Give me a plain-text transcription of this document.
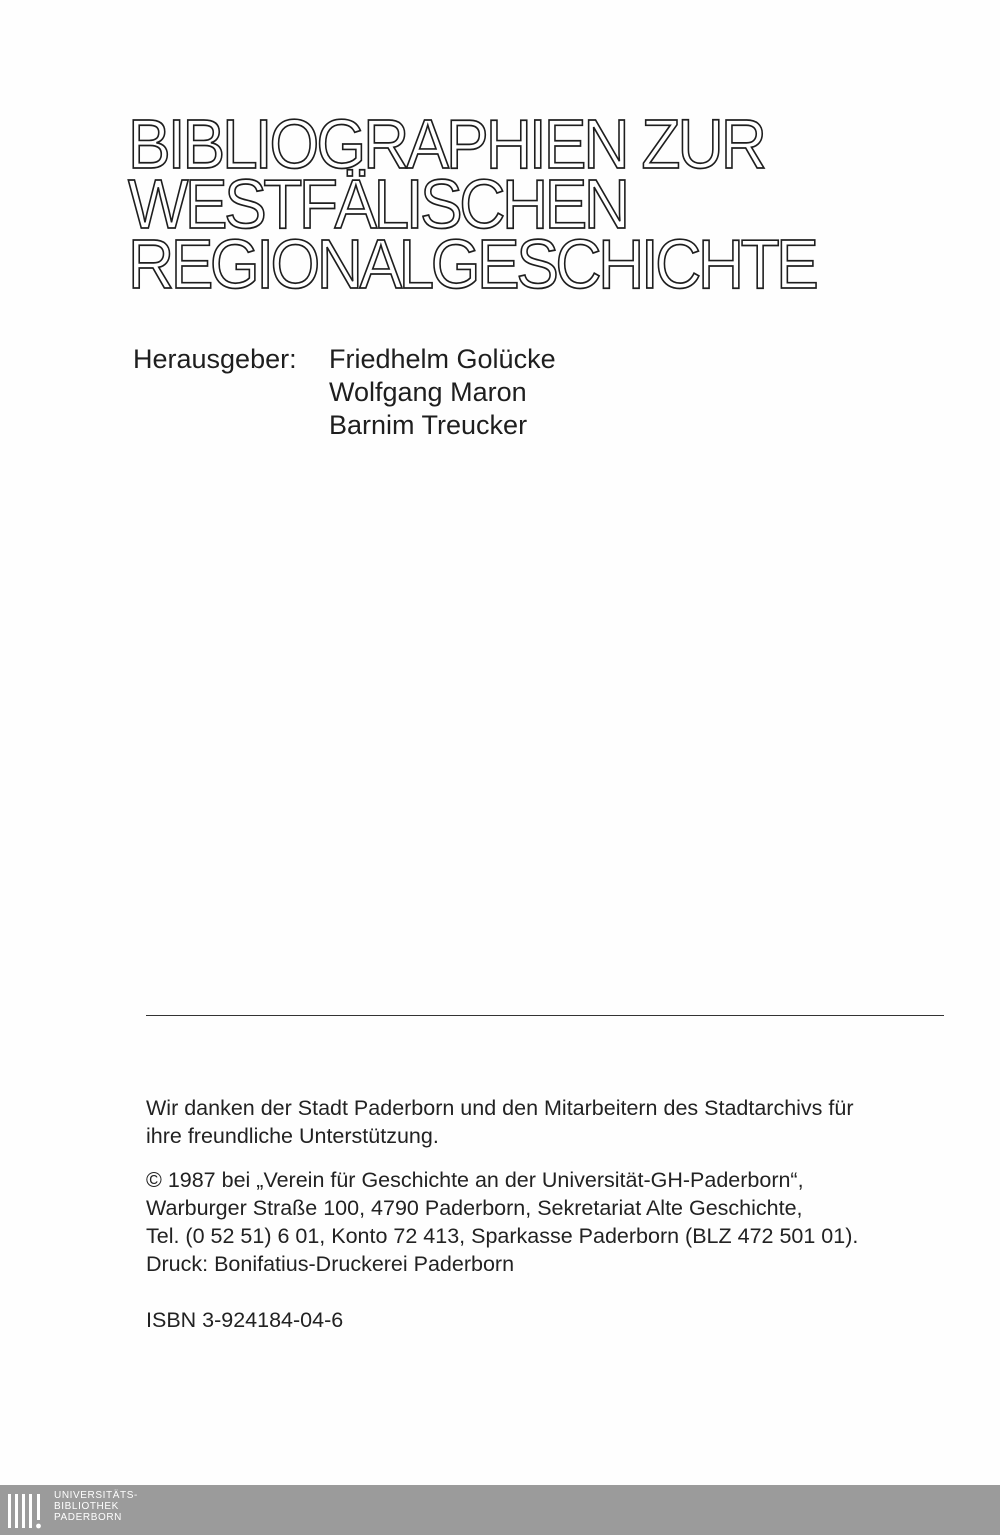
BIBLIOGRAPHIEN ZUR
WESTFÄLISCHEN
REGIONALGESCHICHTE
Herausgeber: Friedhelm Golücke
Wolfgang Maron
Barnim Treucker

Wir danken der Stadt Paderborn und den Mitarbeitern des Stadtarchivs für

ihre freundliche Unterstützung.

© 1987 bei „Verein für Geschichte an der Universität-GH-Paderborn“,

Warburger Straße 100, 4790 Paderborn, Sekretariat Alte Geschichte,

Tel. (0 52 51) 6 01, Konto 72 413, Sparkasse Paderborn (BLZ 472 501 01).

Druck: Bonifatius-Druckerei Paderborn

ISBN 3-924184-04-6

UNIVERSITÄTS-
BIBLIOTHEK
PADERBORN
